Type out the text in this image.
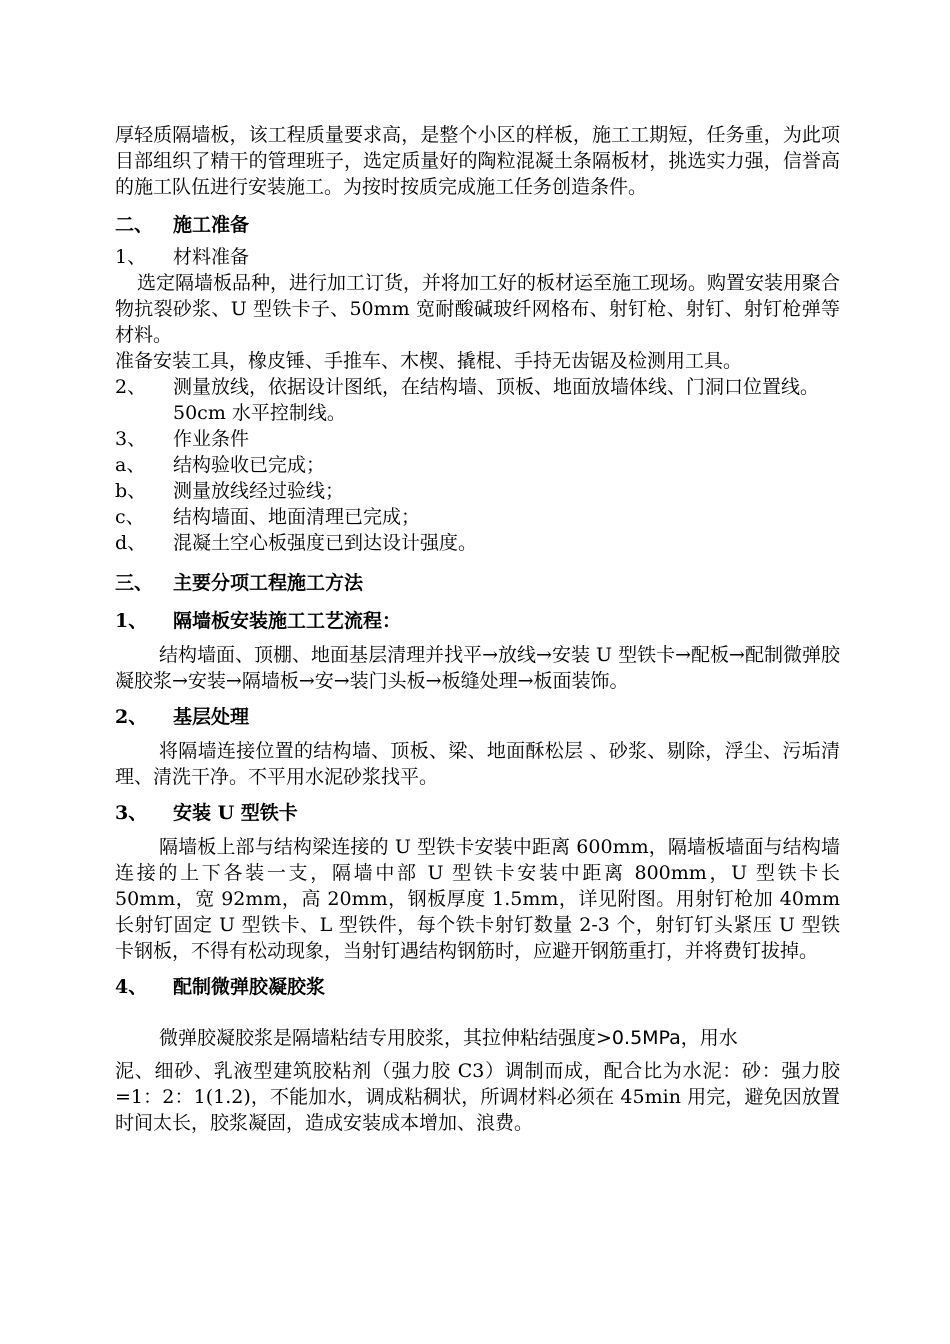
厚轻质隔墙板，该工程质量要求高，是整个小区的样板，施工工期短，任务重，为此项目部组织了精干的管理班子，选定质量好的陶粒混凝土条隔板材，挑选实力强，信誉高的施工队伍进行安装施工。为按时按质完成施工任务创造条件。

二、	施工准备
1、	材料准备

选定隔墙板品种，进行加工订货，并将加工好的板材运至施工现场。购置安装用聚合物抗裂砂浆、U 型铁卡子、50mm 宽耐酸碱玻纤网格布、射钉枪、射钉、射钉枪弹等材料。

准备安装工具，橡皮锤、手推车、木楔、撬棍、手持无齿锯及检测用工具。

2、	测量放线，依据设计图纸，在结构墙、顶板、地面放墙体线、门洞口位置线。50cm 水平控制线。
3、	作业条件
a、	结构验收已完成；
b、	测量放线经过验线；
c、	结构墙面、地面清理已完成；
d、	混凝土空心板强度已到达设计强度。
三、	主要分项工程施工方法
1、	隔墙板安装施工工艺流程：

结构墙面、顶棚、地面基层清理并找平→放线→安装 U 型铁卡→配板→配制微弹胶凝胶浆→安装→隔墙板→安→装门头板→板缝处理→板面装饰。

2、	基层处理

将隔墙连接位置的结构墙、顶板、梁、地面酥松层 、砂浆、剔除，浮尘、污垢清理、清洗干净。不平用水泥砂浆找平。

3、	安装 U 型铁卡

隔墙板上部与结构梁连接的 U 型铁卡安装中距离 600mm，隔墙板墙面与结构墙连接的上下各装一支，隔墙中部 U 型铁卡安装中距离 800mm，U 型铁卡长 50mm，宽 92mm，高 20mm，钢板厚度 1.5mm，详见附图。用射钉枪加 40mm 长射钉固定 U 型铁卡、L 型铁件，每个铁卡射钉数量 2-3 个，射钉钉头紧压 U 型铁卡钢板，不得有松动现象，当射钉遇结构钢筋时，应避开钢筋重打，并将费钉拔掉。

4、	配制微弹胶凝胶浆

微弹胶凝胶浆是隔墙粘结专用胶浆，其拉伸粘结强度>0.5MPa，用水

泥、细砂、乳液型建筑胶粘剂（强力胶 C3）调制而成，配合比为水泥：砂：强力胶=1：2：1(1.2)，不能加水，调成粘稠状，所调材料必须在 45min 用完，避免因放置时间太长，胶浆凝固，造成安装成本增加、浪费。
